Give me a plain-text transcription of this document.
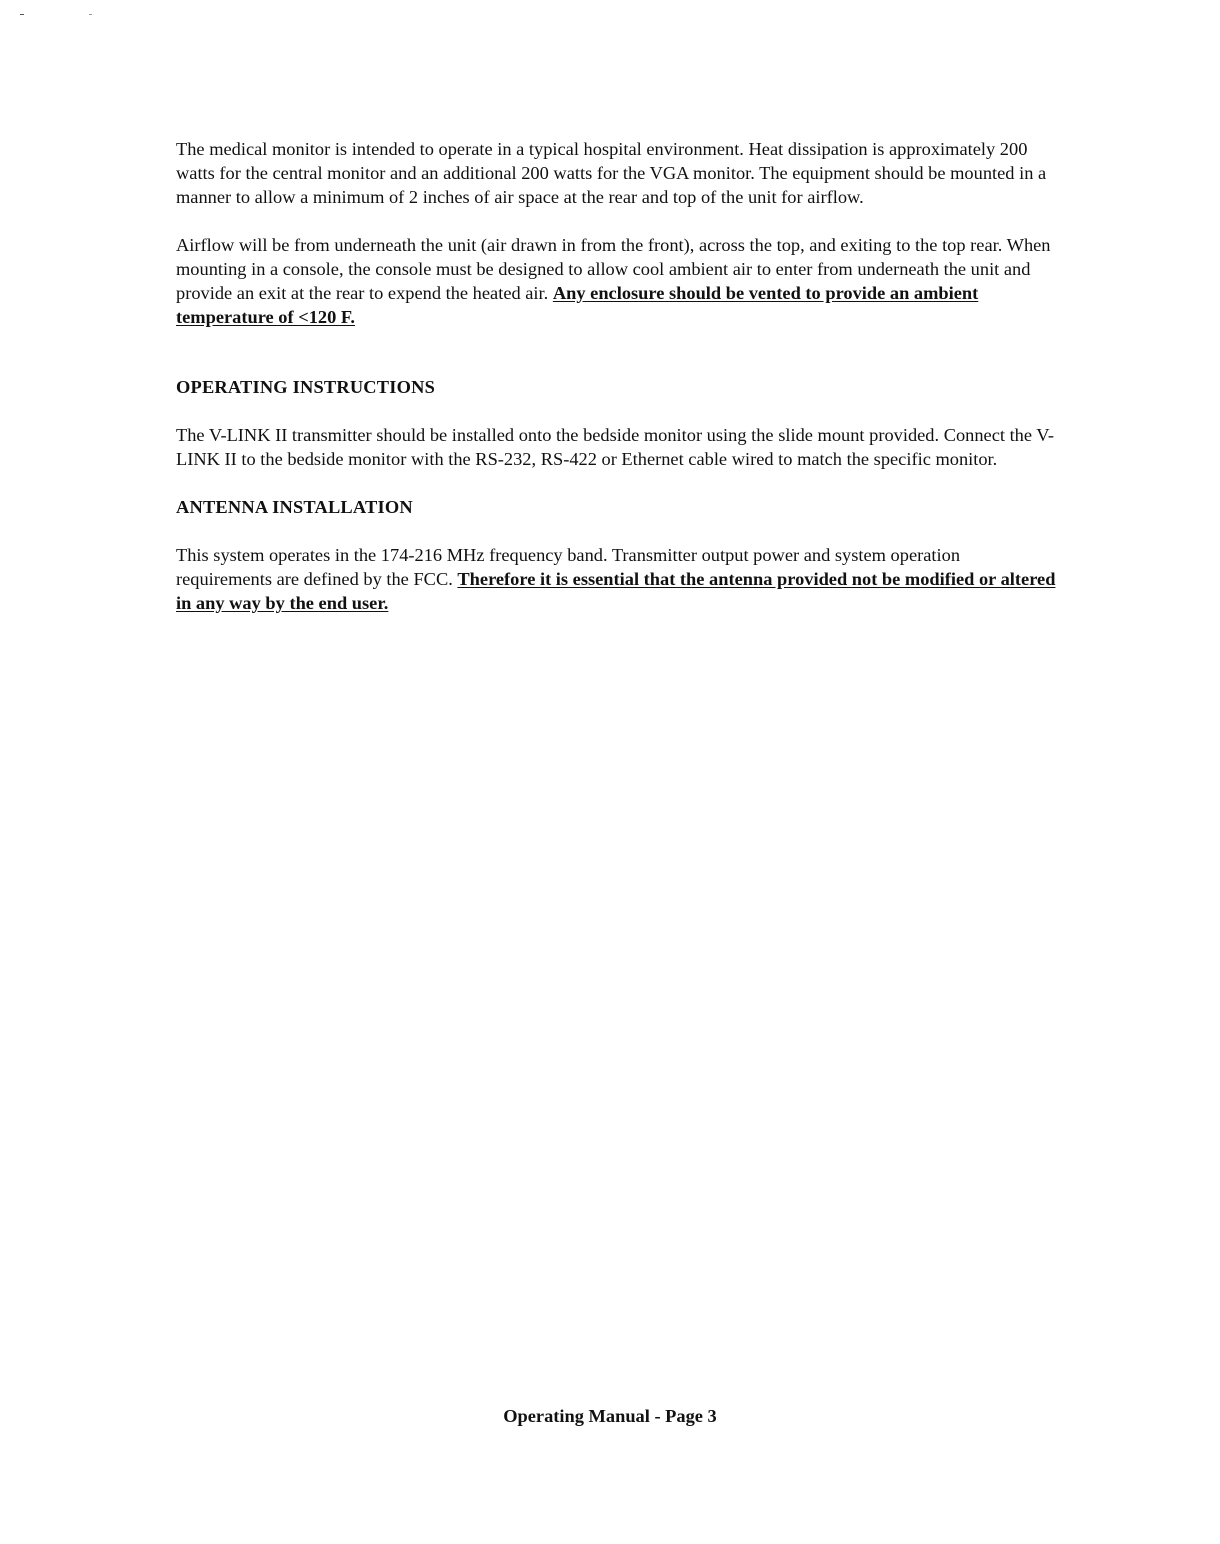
The medical monitor is intended to operate in a typical hospital environment. Heat dissipation is approximately 200 watts for the central monitor and an additional 200 watts for the VGA monitor. The equipment should be mounted in a manner to allow a minimum of 2 inches of air space at the rear and top of the unit for airflow.

Airflow will be from underneath the unit (air drawn in from the front), across the top, and exiting to the top rear. When mounting in a console, the console must be designed to allow cool ambient air to enter from underneath the unit and provide an exit at the rear to expend the heated air. Any enclosure should be vented to provide an ambient temperature of <120 F.

OPERATING INSTRUCTIONS

The V-LINK II transmitter should be installed onto the bedside monitor using the slide mount provided. Connect the V-LINK II to the bedside monitor with the RS-232, RS-422 or Ethernet cable wired to match the specific monitor.

ANTENNA INSTALLATION

This system operates in the 174-216 MHz frequency band. Transmitter output power and system operation requirements are defined by the FCC. Therefore it is essential that the antenna provided not be modified or altered in any way by the end user.

Operating Manual - Page 3
